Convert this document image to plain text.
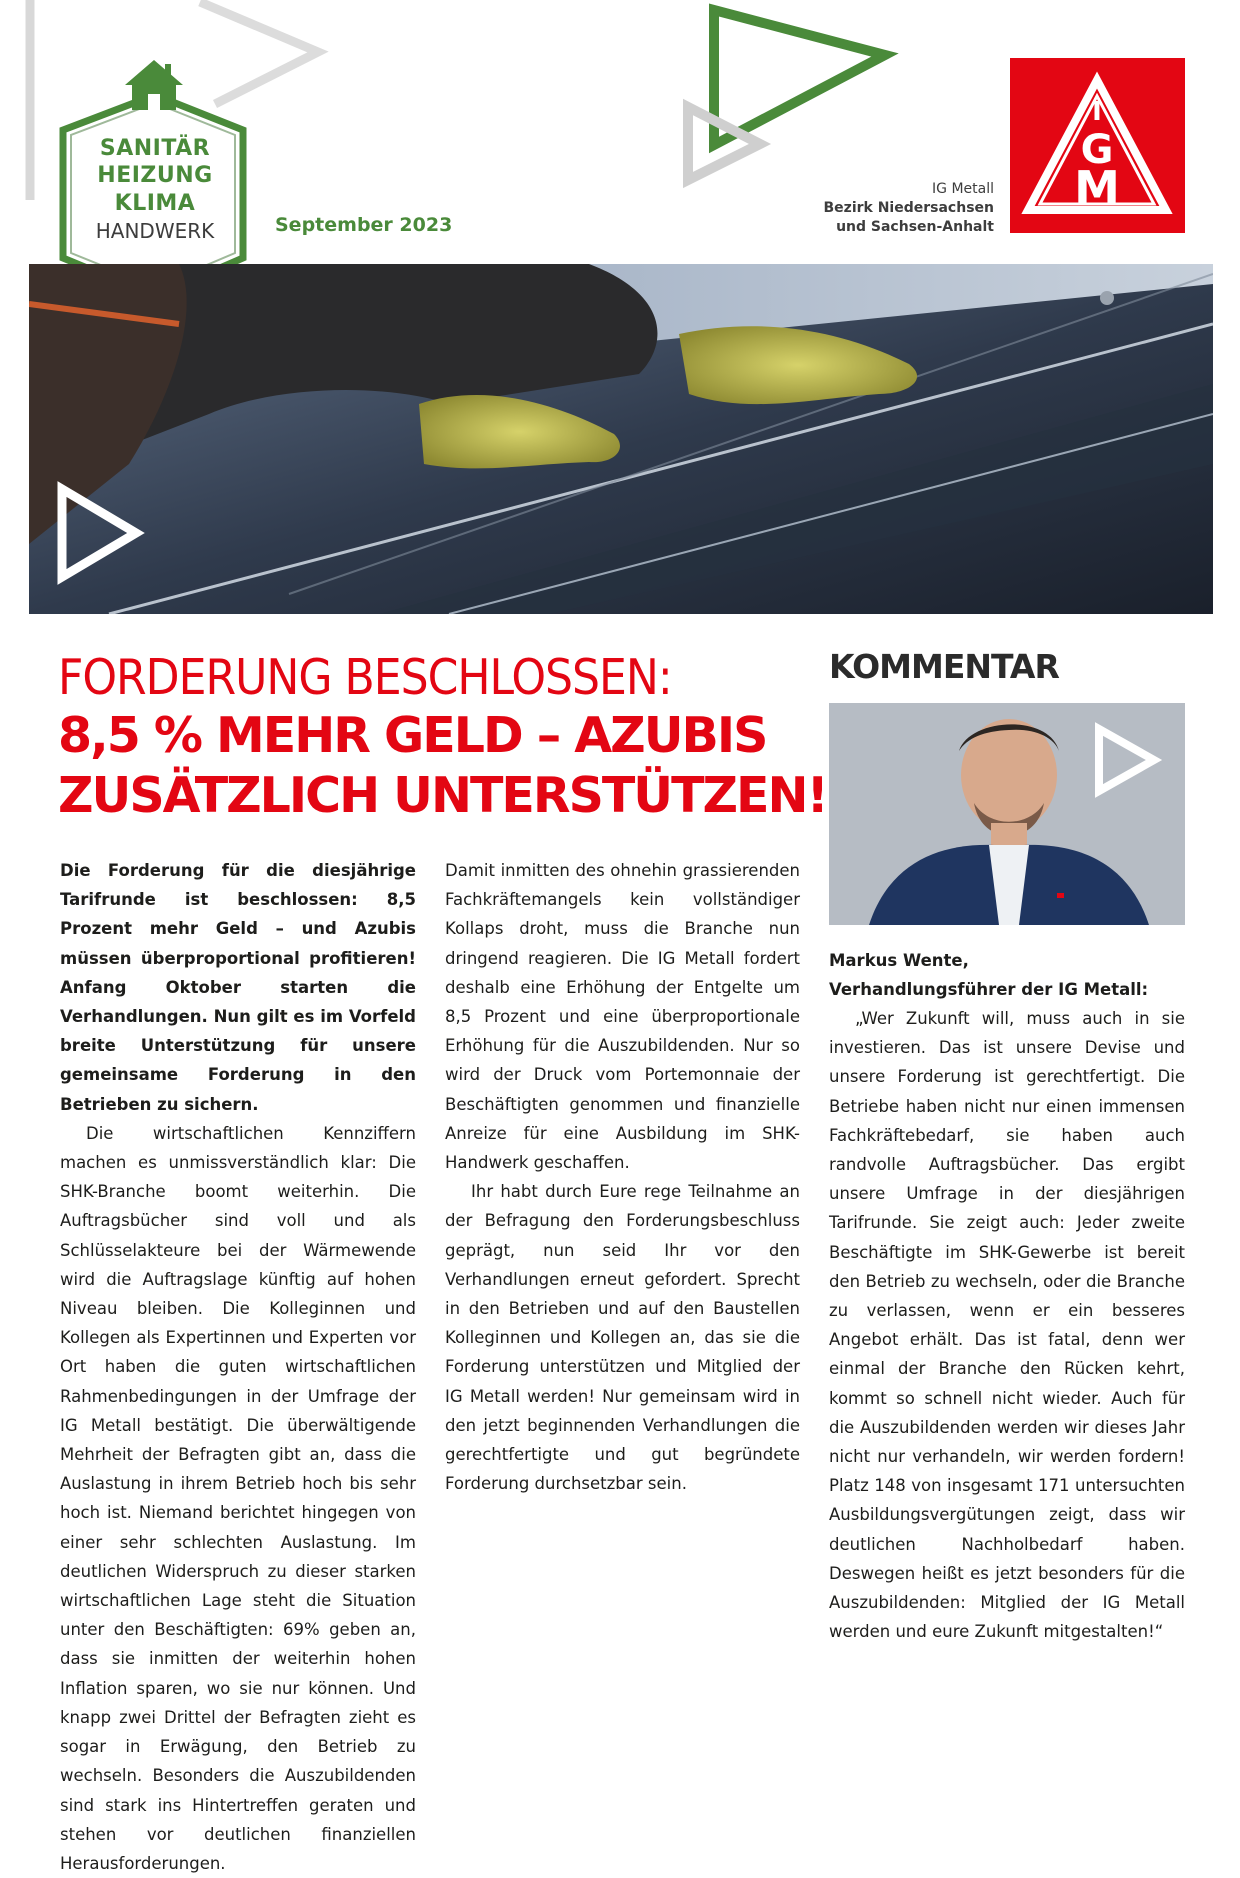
SANITÄR
HEIZUNG
KLIMA
HANDWERK	September 2023
IG Metall
Bezirk Niedersachsen
und Sachsen-Anhalt
I
G
M
FORDERUNG BESCHLOSSEN:
8,5 % MEHR GELD – AZUBIS
ZUSÄTZLICH UNTERSTÜTZEN!

Die Forderung für die diesjährige Tarifrunde ist beschlossen: 8,5 Prozent mehr Geld – und Azubis müssen überproportional profitieren! Anfang Oktober starten die Verhandlungen. Nun gilt es im Vorfeld breite Unterstützung für unsere gemeinsame Forderung in den Betrieben zu sichern.

Die wirtschaftlichen Kennziffern machen es unmissverständlich klar: Die SHK-Branche boomt weiterhin. Die Auftragsbücher sind voll und als Schlüsselakteure bei der Wärmewende wird die Auftragslage künftig auf hohen Niveau bleiben. Die Kolleginnen und Kollegen als Expertinnen und Experten vor Ort haben die guten wirtschaftlichen Rahmenbedingungen in der Umfrage der IG Metall bestätigt. Die überwältigende Mehrheit der Befragten gibt an, dass die Auslastung in ihrem Betrieb hoch bis sehr hoch ist. Niemand berichtet hingegen von einer sehr schlechten Auslastung. Im deutlichen Widerspruch zu dieser starken wirtschaftlichen Lage steht die Situation unter den Beschäftigten: 69% geben an, dass sie inmitten der weiterhin hohen Inflation sparen, wo sie nur können. Und knapp zwei Drittel der Befragten zieht es sogar in Erwägung, den Betrieb zu wechseln. Besonders die Auszubildenden sind stark ins Hintertreffen geraten und stehen vor deutlichen finanziellen Herausforderungen.

Damit inmitten des ohnehin grassierenden Fachkräftemangels kein vollständiger Kollaps droht, muss die Branche nun dringend reagieren. Die IG Metall fordert deshalb eine Erhöhung der Entgelte um 8,5 Prozent und eine überproportionale Erhöhung für die Auszubildenden. Nur so wird der Druck vom Portemonnaie der Beschäftigten genommen und finanzielle Anreize für eine Ausbildung im SHK-Handwerk geschaffen.

Ihr habt durch Eure rege Teilnahme an der Befragung den Forderungsbeschluss geprägt, nun seid Ihr vor den Verhandlungen erneut gefordert. Sprecht in den Betrieben und auf den Baustellen Kolleginnen und Kollegen an, das sie die Forderung unterstützen und Mitglied der IG Metall werden! Nur gemeinsam wird in den jetzt beginnenden Verhandlungen die gerechtfertigte und gut begründete Forderung durchsetzbar sein.

KOMMENTAR
Markus Wente,
Verhandlungsführer der IG Metall:

„Wer Zukunft will, muss auch in sie investieren. Das ist unsere Devise und unsere Forderung ist gerechtfertigt. Die Betriebe haben nicht nur einen immensen Fachkräftebedarf, sie haben auch randvolle Auftragsbücher. Das ergibt unsere Umfrage in der diesjährigen Tarifrunde. Sie zeigt auch: Jeder zweite Beschäftigte im SHK-Gewerbe ist bereit den Betrieb zu wechseln, oder die Branche zu verlassen, wenn er ein besseres Angebot erhält. Das ist fatal, denn wer einmal der Branche den Rücken kehrt, kommt so schnell nicht wieder. Auch für die Auszubildenden werden wir dieses Jahr nicht nur verhandeln, wir werden fordern! Platz 148 von insgesamt 171 untersuchten Ausbildungsvergütungen zeigt, dass wir deutlichen Nachholbedarf haben. Deswegen heißt es jetzt besonders für die Auszubildenden: Mitglied der IG Metall werden und eure Zukunft mitgestalten!“
